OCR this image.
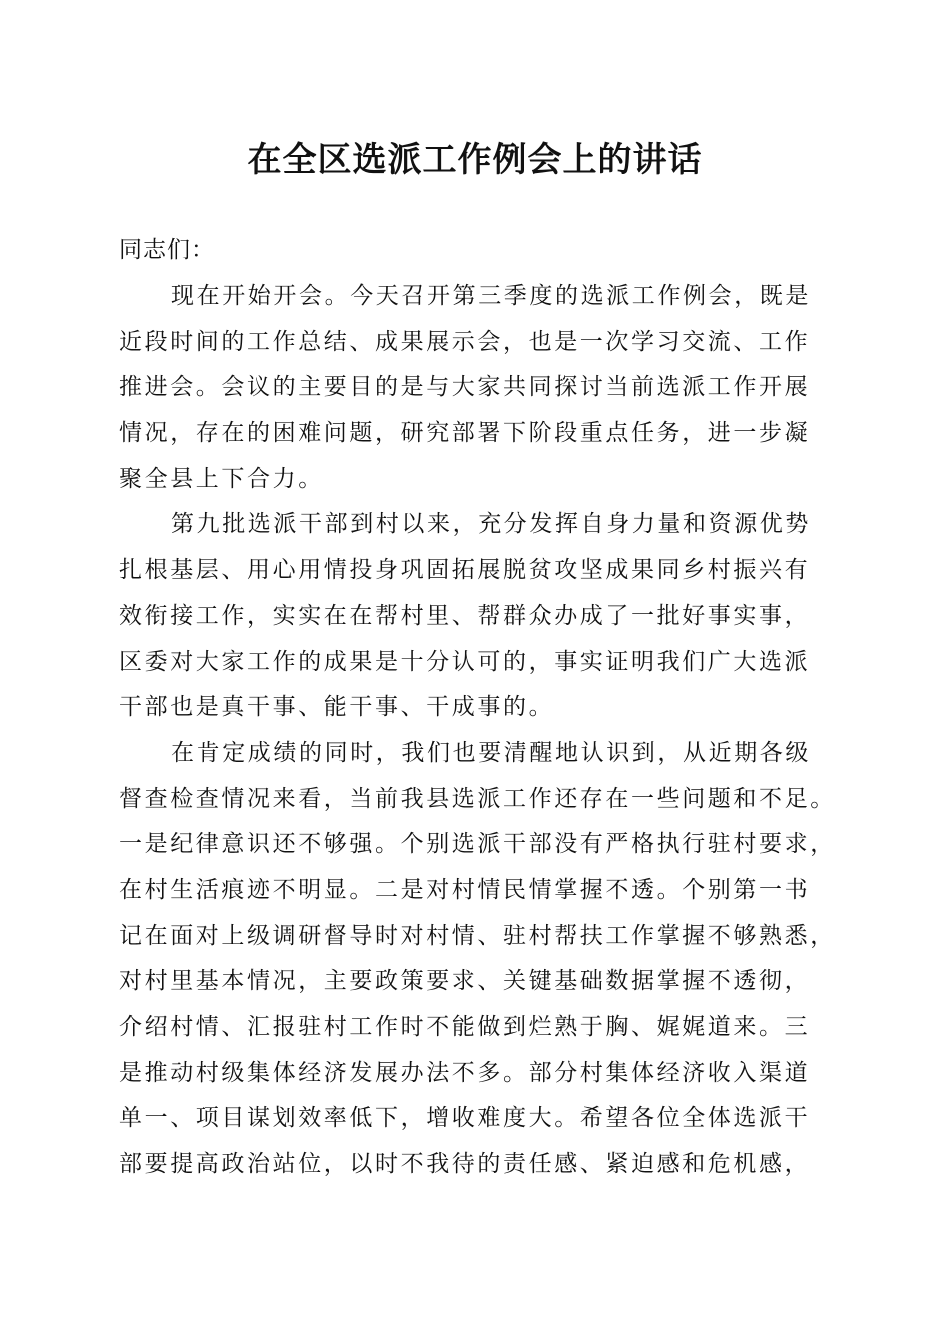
在全区选派工作例会上的讲话
同志们：
现在开始开会。今天召开第三季度的选派工作例会，既是
近段时间的工作总结、成果展示会，也是一次学习交流、工作
推进会。会议的主要目的是与大家共同探讨当前选派工作开展
情况，存在的困难问题，研究部署下阶段重点任务，进一步凝
聚全县上下合力。
第九批选派干部到村以来，充分发挥自身力量和资源优势
扎根基层、用心用情投身巩固拓展脱贫攻坚成果同乡村振兴有
效衔接工作，实实在在帮村里、帮群众办成了一批好事实事，
区委对大家工作的成果是十分认可的，事实证明我们广大选派
干部也是真干事、能干事、干成事的。
在肯定成绩的同时，我们也要清醒地认识到，从近期各级
督查检查情况来看，当前我县选派工作还存在一些问题和不足。
一是纪律意识还不够强。个别选派干部没有严格执行驻村要求，
在村生活痕迹不明显。二是对村情民情掌握不透。个别第一书
记在面对上级调研督导时对村情、驻村帮扶工作掌握不够熟悉，
对村里基本情况，主要政策要求、关键基础数据掌握不透彻，
介绍村情、汇报驻村工作时不能做到烂熟于胸、娓娓道来。三
是推动村级集体经济发展办法不多。部分村集体经济收入渠道
单一、项目谋划效率低下，增收难度大。希望各位全体选派干
部要提高政治站位，以时不我待的责任感、紧迫感和危机感，
